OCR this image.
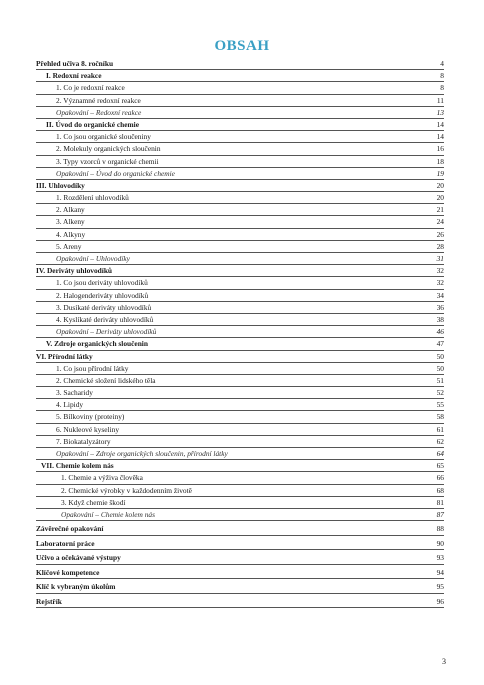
OBSAH
Přehled učiva 8. ročníku	4
I. Redoxní reakce	8
1. Co je redoxní reakce	8
2. Významné redoxní reakce	11
Opakování – Redoxní reakce	13
II. Úvod do organické chemie	14
1. Co jsou organické sloučeniny	14
2. Molekuly organických sloučenin	16
3. Typy vzorců v organické chemii	18
Opakování – Úvod do organické chemie	19
III. Uhlovodíky	20
1. Rozdělení uhlovodíků	20
2. Alkany	21
3. Alkeny	24
4. Alkyny	26
5. Areny	28
Opakování – Uhlovodíky	31
IV. Deriváty uhlovodíků	32
1. Co jsou deriváty uhlovodíků	32
2. Halogenderiváty uhlovodíků	34
3. Dusíkaté deriváty uhlovodíků	36
4. Kyslíkaté deriváty uhlovodíků	38
Opakování – Deriváty uhlovodíků	46
V. Zdroje organických sloučenin	47
VI. Přírodní látky	50
1. Co jsou přírodní látky	50
2. Chemické složení lidského těla	51
3. Sacharidy	52
4. Lipidy	55
5. Bílkoviny (proteiny)	58
6. Nukleové kyseliny	61
7. Biokatalyzátory	62
Opakování – Zdroje organických sloučenin, přírodní látky	64
VII. Chemie kolem nás	65
1. Chemie a výživa člověka	66
2. Chemické výrobky v každodenním životě	68
3. Když chemie škodí	81
Opakování – Chemie kolem nás	87
Závěrečné opakování	88
Laboratorní práce	90
Učivo a očekávané výstupy	93
Klíčové kompetence	94
Klíč k vybraným úkolům	95
Rejstřík	96
3
